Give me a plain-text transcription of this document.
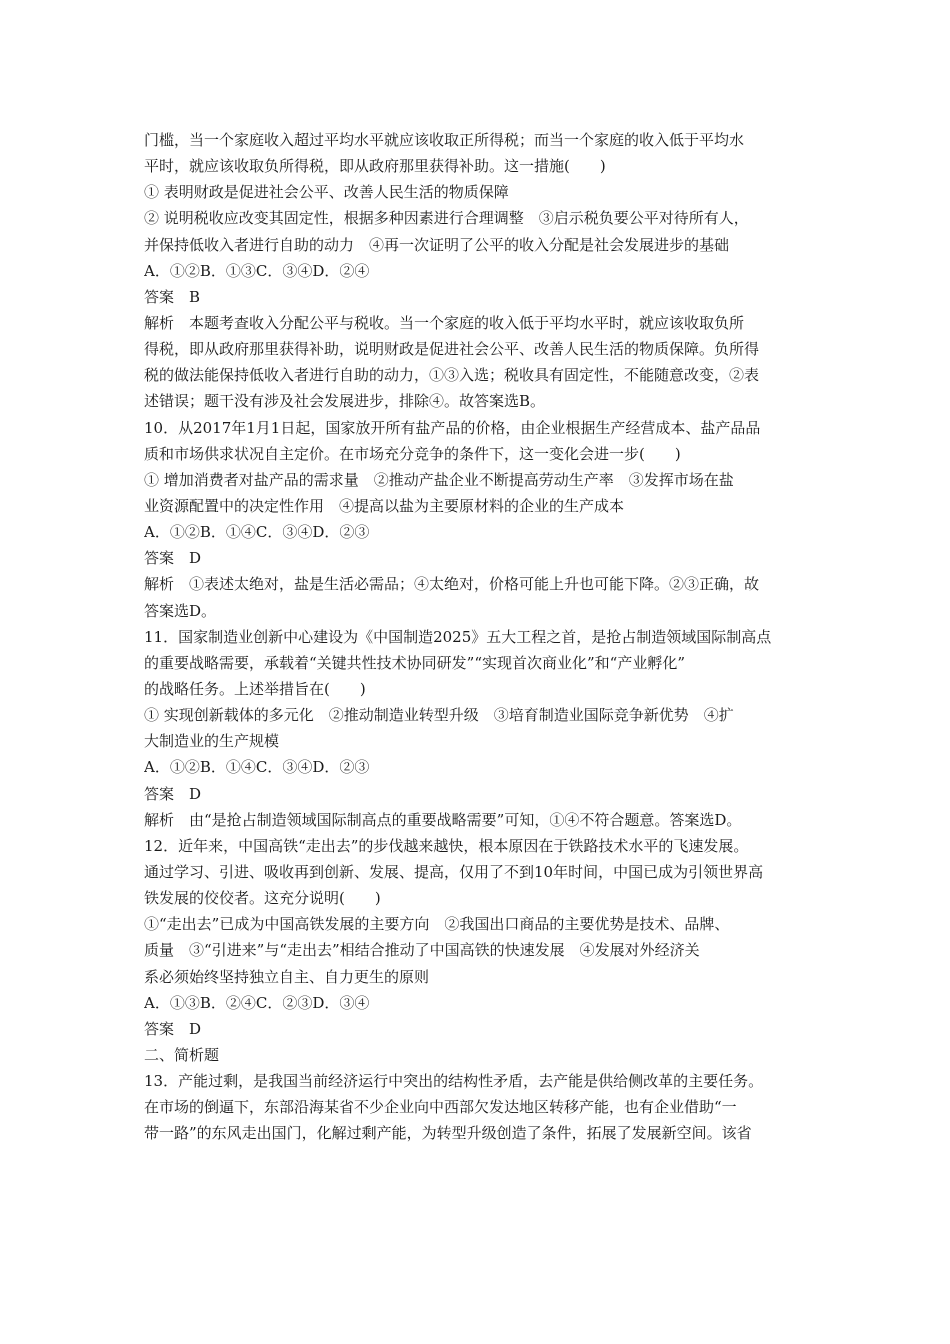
门槛，当一个家庭收入超过平均水平就应该收取正所得税；而当一个家庭的收入低于平均水
平时，就应该收取负所得税，即从政府那里获得补助。这一措施(　　)
① 表明财政是促进社会公平、改善人民生活的物质保障
② 说明税收应改变其固定性，根据多种因素进行合理调整　③启示税负要公平对待所有人，
并保持低收入者进行自助的动力　④再一次证明了公平的收入分配是社会发展进步的基础
A．①②B．①③C．③④D．②④
答案　B
解析　本题考查收入分配公平与税收。当一个家庭的收入低于平均水平时，就应该收取负所
得税，即从政府那里获得补助，说明财政是促进社会公平、改善人民生活的物质保障。负所得
税的做法能保持低收入者进行自助的动力，①③入选；税收具有固定性，不能随意改变，②表
述错误；题干没有涉及社会发展进步，排除④。故答案选B。
10．从2017年1月1日起，国家放开所有盐产品的价格，由企业根据生产经营成本、盐产品品
质和市场供求状况自主定价。在市场充分竞争的条件下，这一变化会进一步(　　)
① 增加消费者对盐产品的需求量　②推动产盐企业不断提高劳动生产率　③发挥市场在盐
业资源配置中的决定性作用　④提高以盐为主要原材料的企业的生产成本
A．①②B．①④C．③④D．②③
答案　D
解析　①表述太绝对，盐是生活必需品；④太绝对，价格可能上升也可能下降。②③正确，故
答案选D。
11．国家制造业创新中心建设为《中国制造2025》五大工程之首，是抢占制造领域国际制高点
的重要战略需要，承载着“关键共性技术协同研发”“实现首次商业化”和“产业孵化”
的战略任务。上述举措旨在(　　)
① 实现创新载体的多元化　②推动制造业转型升级　③培育制造业国际竞争新优势　④扩
大制造业的生产规模
A．①②B．①④C．③④D．②③
答案　D
解析　由“是抢占制造领域国际制高点的重要战略需要”可知，①④不符合题意。答案选D。
12．近年来，中国高铁“走出去”的步伐越来越快，根本原因在于铁路技术水平的飞速发展。
通过学习、引进、吸收再到创新、发展、提高，仅用了不到10年时间，中国已成为引领世界高
铁发展的佼佼者。这充分说明(　　)
①“走出去”已成为中国高铁发展的主要方向　②我国出口商品的主要优势是技术、品牌、
质量　③“引进来”与“走出去”相结合推动了中国高铁的快速发展　④发展对外经济关
系必须始终坚持独立自主、自力更生的原则
A．①③B．②④C．②③D．③④
答案　D
二、简析题
13．产能过剩，是我国当前经济运行中突出的结构性矛盾，去产能是供给侧改革的主要任务。
在市场的倒逼下，东部沿海某省不少企业向中西部欠发达地区转移产能，也有企业借助“一
带一路”的东风走出国门，化解过剩产能，为转型升级创造了条件，拓展了发展新空间。该省
